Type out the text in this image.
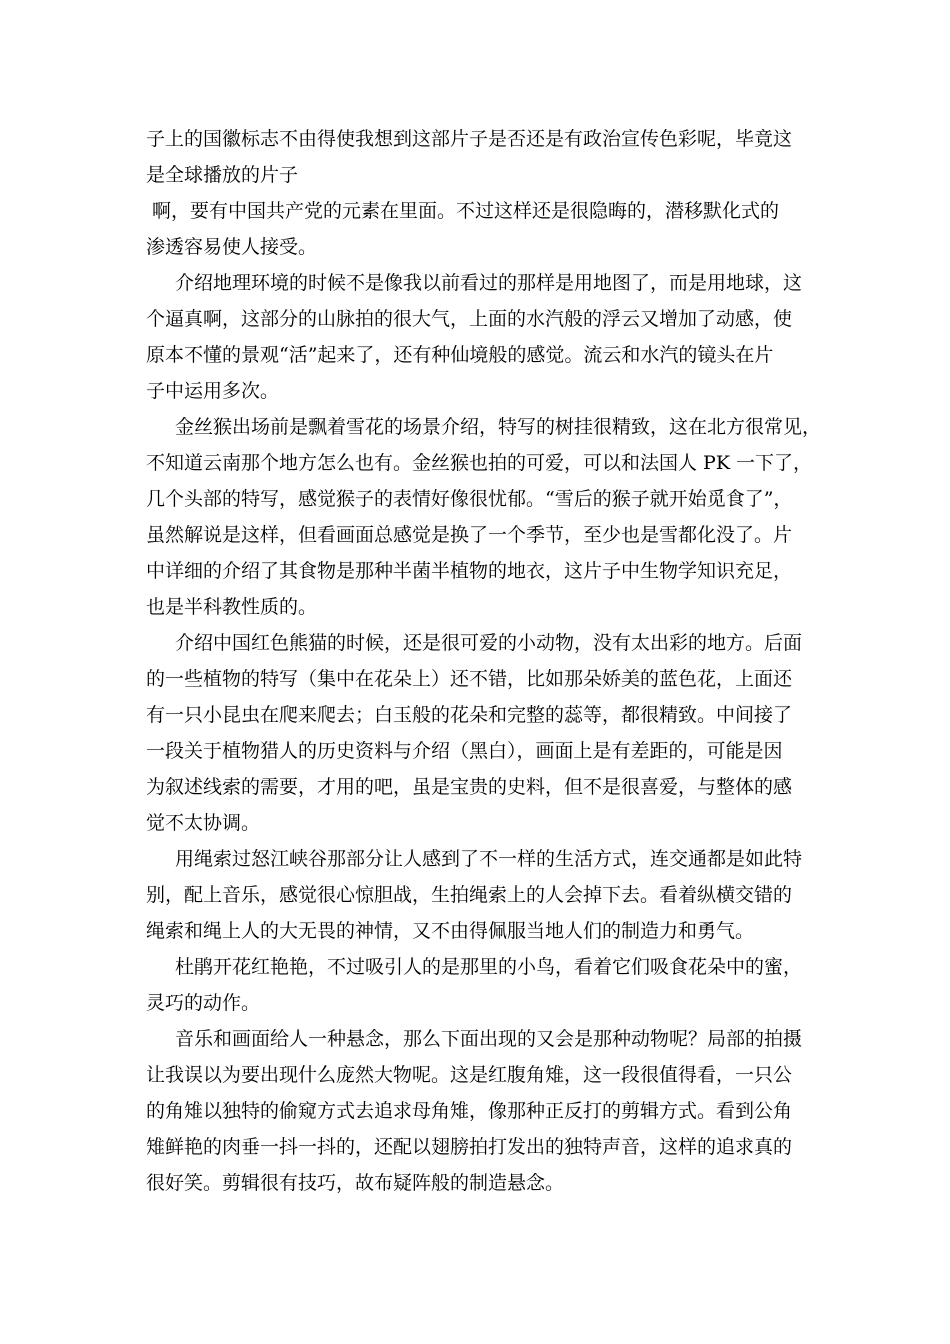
子上的国徽标志不由得使我想到这部片子是否还是有政治宣传色彩呢，毕竟这
是全球播放的片子
啊，要有中国共产党的元素在里面。不过这样还是很隐晦的，潜移默化式的
渗透容易使人接受。
介绍地理环境的时候不是像我以前看过的那样是用地图了，而是用地球，这
个逼真啊，这部分的山脉拍的很大气，上面的水汽般的浮云又增加了动感，使
原本不懂的景观“活”起来了，还有种仙境般的感觉。流云和水汽的镜头在片
子中运用多次。
金丝猴出场前是飘着雪花的场景介绍，特写的树挂很精致，这在北方很常见，
不知道云南那个地方怎么也有。金丝猴也拍的可爱，可以和法国人 PK 一下了，
几个头部的特写，感觉猴子的表情好像很忧郁。“雪后的猴子就开始觅食了”，
虽然解说是这样，但看画面总感觉是换了一个季节，至少也是雪都化没了。片
中详细的介绍了其食物是那种半菌半植物的地衣，这片子中生物学知识充足，
也是半科教性质的。
介绍中国红色熊猫的时候，还是很可爱的小动物，没有太出彩的地方。后面
的一些植物的特写（集中在花朵上）还不错，比如那朵娇美的蓝色花，上面还
有一只小昆虫在爬来爬去；白玉般的花朵和完整的蕊等，都很精致。中间接了
一段关于植物猎人的历史资料与介绍（黑白），画面上是有差距的，可能是因
为叙述线索的需要，才用的吧，虽是宝贵的史料，但不是很喜爱，与整体的感
觉不太协调。
用绳索过怒江峡谷那部分让人感到了不一样的生活方式，连交通都是如此特
别，配上音乐，感觉很心惊胆战，生拍绳索上的人会掉下去。看着纵横交错的
绳索和绳上人的大无畏的神情，又不由得佩服当地人们的制造力和勇气。
杜鹃开花红艳艳，不过吸引人的是那里的小鸟，看着它们吸食花朵中的蜜，
灵巧的动作。
音乐和画面给人一种悬念，那么下面出现的又会是那种动物呢？局部的拍摄
让我误以为要出现什么庞然大物呢。这是红腹角雉，这一段很值得看，一只公
的角雉以独特的偷窥方式去追求母角雉，像那种正反打的剪辑方式。看到公角
雉鲜艳的肉垂一抖一抖的，还配以翅膀拍打发出的独特声音，这样的追求真的
很好笑。剪辑很有技巧，故布疑阵般的制造悬念。
